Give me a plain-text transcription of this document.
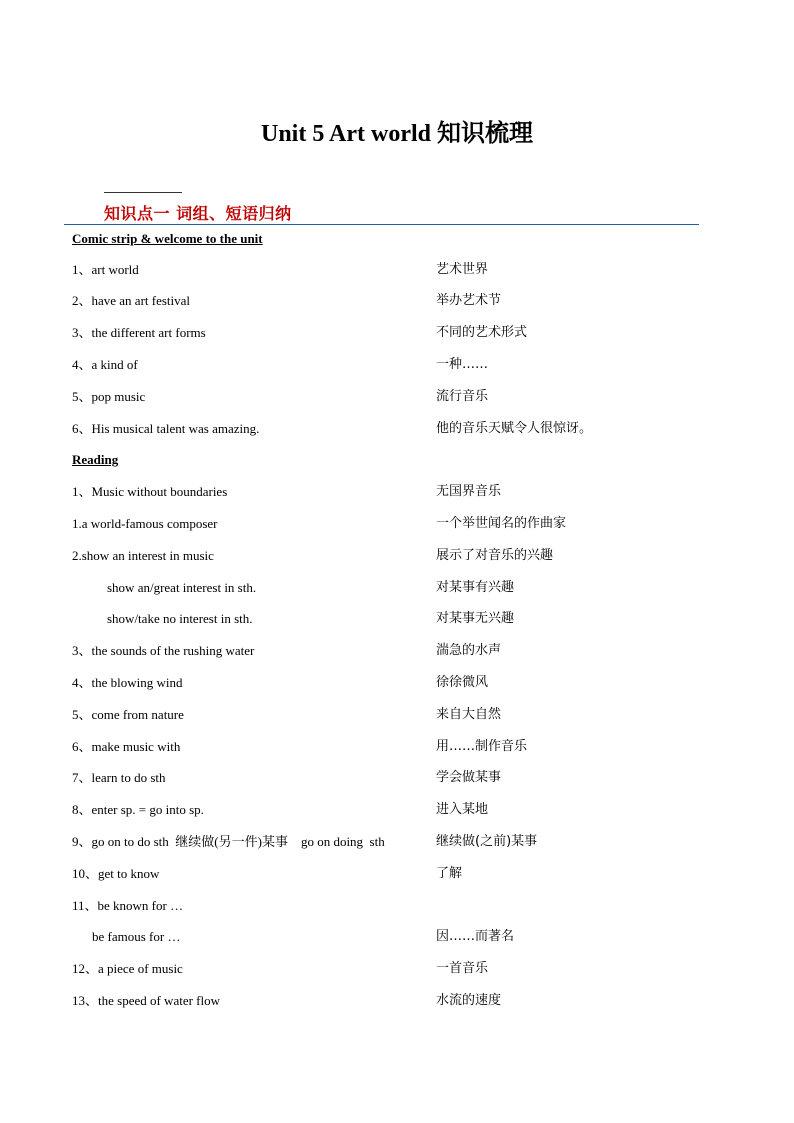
Unit 5 Art world 知识梳理
知识点一 词组、短语归纳
Comic strip & welcome to the unit
1、art world	艺术世界
2、have an art festival	举办艺术节
3、the different art forms	不同的艺术形式
4、a kind of	一种……
5、pop music	流行音乐
6、His musical talent was amazing.	他的音乐天赋令人很惊讶。
Reading
1、Music without boundaries	无国界音乐
1.a world-famous composer	一个举世闻名的作曲家
2.show an interest in music	展示了对音乐的兴趣
show an/great interest in sth.	对某事有兴趣
show/take no interest in sth.	对某事无兴趣
3、the sounds of the rushing water	湍急的水声
4、the blowing wind	徐徐微风
5、come from nature	来自大自然
6、make music with	用……制作音乐
7、learn to do sth	学会做某事
8、enter sp. = go into sp.	进入某地
9、go on to do sth  继续做(另一件)某事    go on doing  sth	继续做(之前)某事
10、get to know	了解
11、be known for …
be famous for …	因……而著名
12、a piece of music	一首音乐
13、the speed of water flow	水流的速度
